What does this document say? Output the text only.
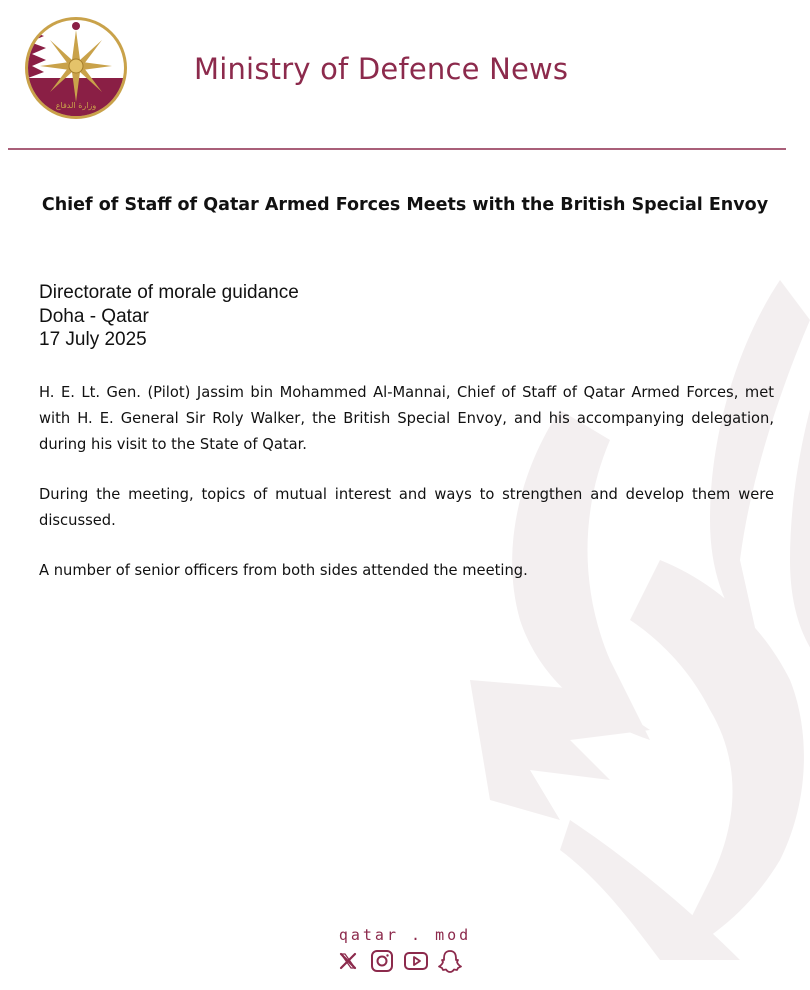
وزارة الدفاع
Ministry of Defence News
Chief of Staff of Qatar Armed Forces Meets with the British Special Envoy
Directorate of morale guidance
Doha - Qatar
17 July 2025

H. E. Lt. Gen. (Pilot) Jassim bin Mohammed Al-Mannai, Chief of Staff of Qatar Armed Forces, met with H. E. General Sir Roly Walker, the British Special Envoy, and his accompanying delegation, during his visit to the State of Qatar.

During the meeting, topics of mutual interest and ways to strengthen and develop them were discussed.

A number of senior officers from both sides attended the meeting.

qatar . mod
